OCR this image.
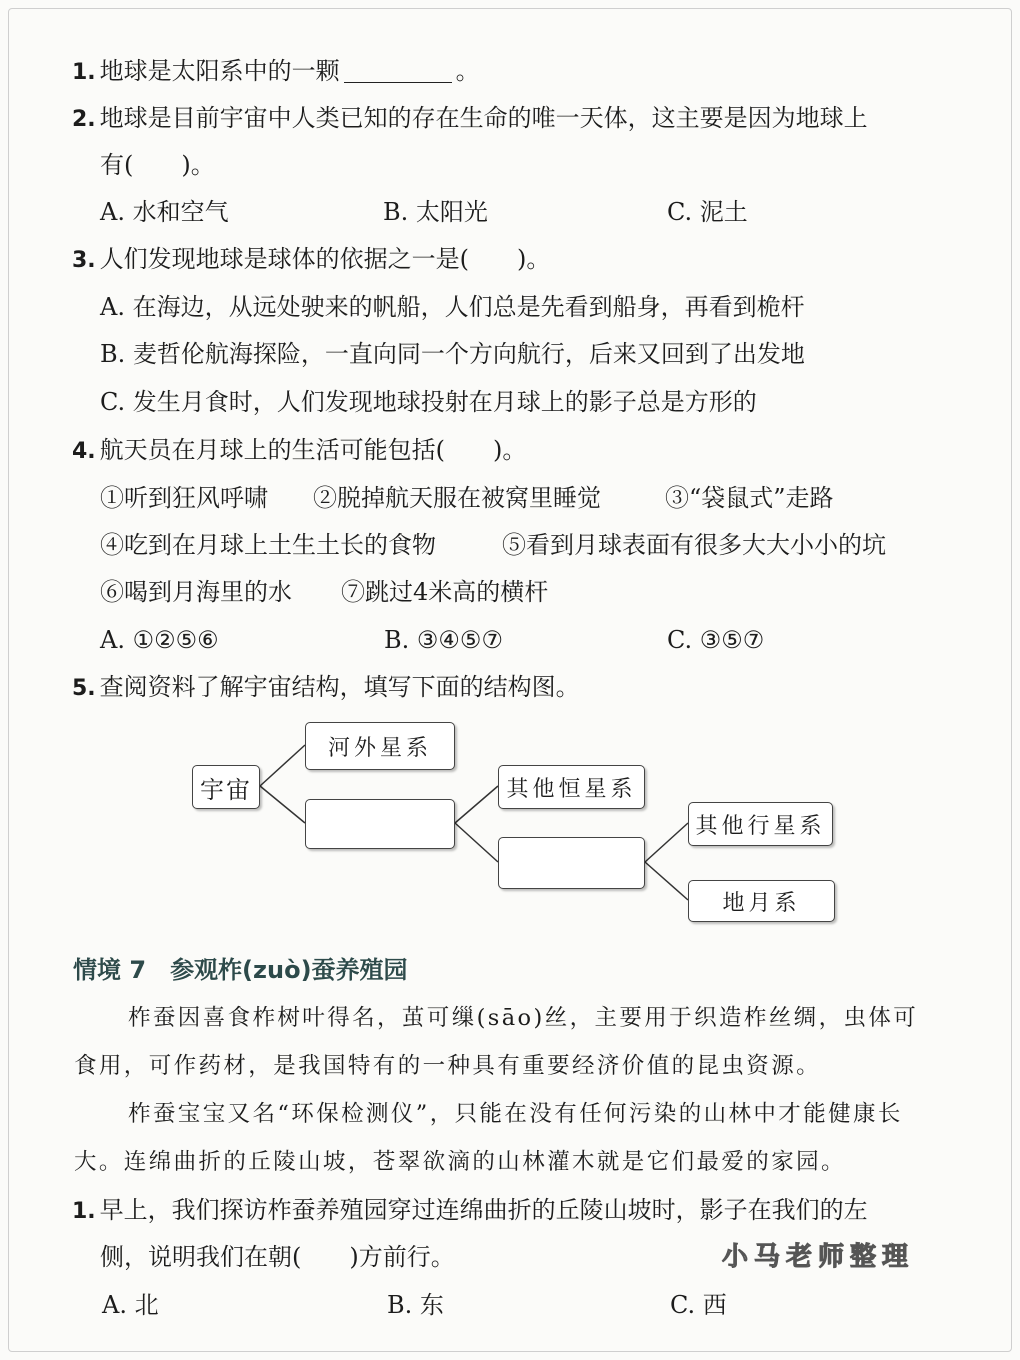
1. 地球是太阳系中的一颗	。
2. 地球是目前宇宙中人类已知的存在生命的唯一天体，这主要是因为地球上
有(　　)。
A. 水和空气	B. 太阳光	C. 泥土
3. 人们发现地球是球体的依据之一是(　　)。
A. 在海边，从远处驶来的帆船，人们总是先看到船身，再看到桅杆
B. 麦哲伦航海探险，一直向同一个方向航行，后来又回到了出发地
C. 发生月食时，人们发现地球投射在月球上的影子总是方形的
4. 航天员在月球上的生活可能包括(　　)。
①听到狂风呼啸 ②脱掉航天服在被窝里睡觉	③“袋鼠式”走路
④吃到在月球上土生土长的食物	⑤看到月球表面有很多大大小小的坑
⑥喝到月海里的水 ⑦跳过4米高的横杆
A. ①②⑤⑥	B. ③④⑤⑦	C. ③⑤⑦
5. 查阅资料了解宇宙结构，填写下面的结构图。
宇宙
河外星系
其他恒星系
其他行星系
地月系
情境 7 参观柞(zuò)蚕养殖园
柞蚕因喜食柞树叶得名，茧可缫(sāo)丝，主要用于织造柞丝绸，虫体可
食用，可作药材，是我国特有的一种具有重要经济价值的昆虫资源。
柞蚕宝宝又名“环保检测仪”，只能在没有任何污染的山林中才能健康长
大。连绵曲折的丘陵山坡，苍翠欲滴的山林灌木就是它们最爱的家园。
1. 早上，我们探访柞蚕养殖园穿过连绵曲折的丘陵山坡时，影子在我们的左
侧，说明我们在朝(　　)方前行。	小马老师整理
A. 北	B. 东	C. 西
